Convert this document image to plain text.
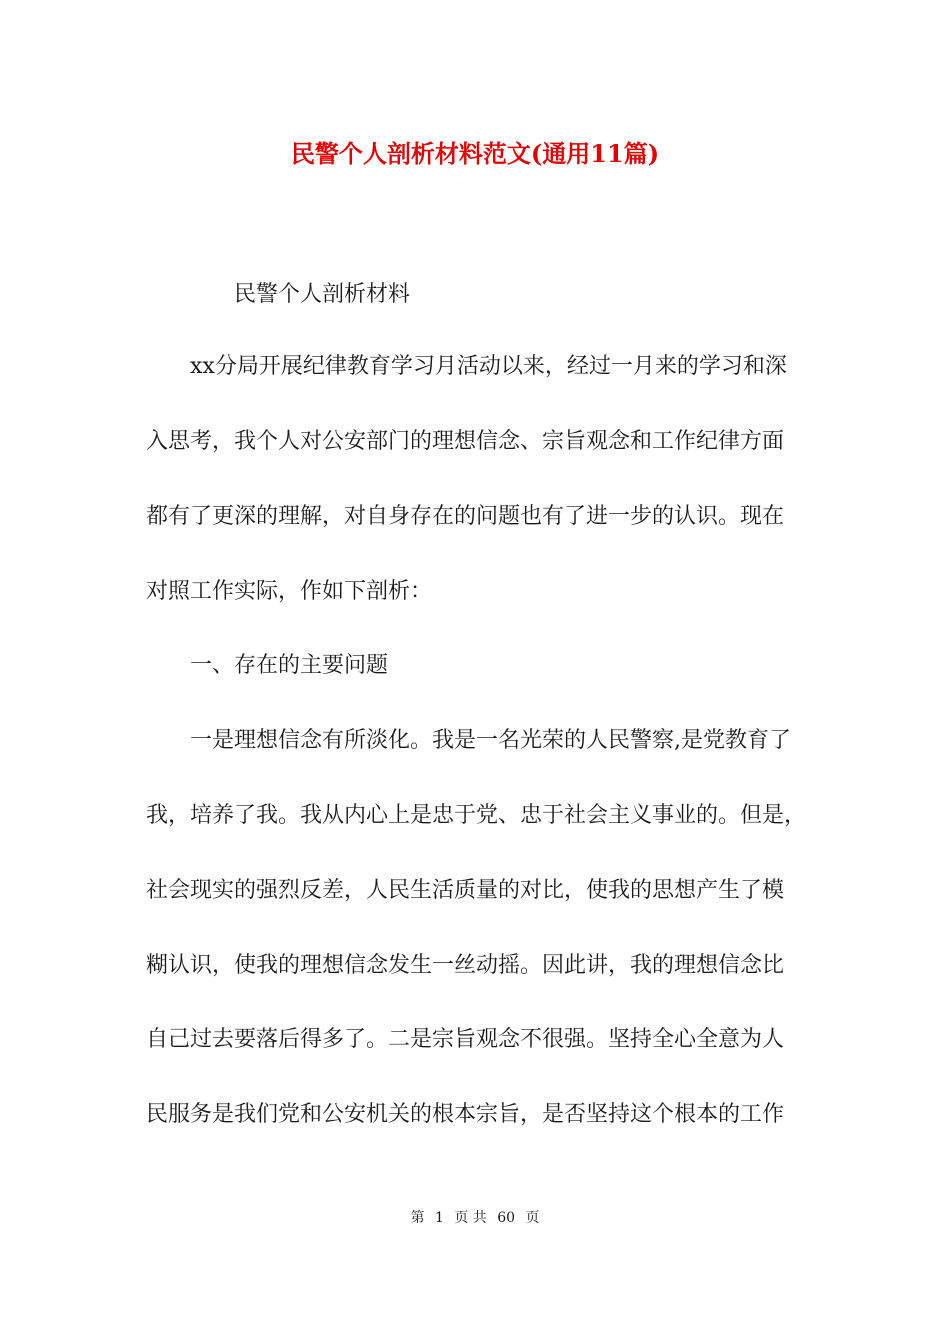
民警个人剖析材料范文(通用11篇)
民警个人剖析材料
xx分局开展纪律教育学习月活动以来，经过一月来的学习和深
入思考，我个人对公安部门的理想信念、宗旨观念和工作纪律方面
都有了更深的理解，对自身存在的问题也有了进一步的认识。现在
对照工作实际，作如下剖析：
一、存在的主要问题
一是理想信念有所淡化。我是一名光荣的人民警察,是党教育了
我，培养了我。我从内心上是忠于党、忠于社会主义事业的。但是，
社会现实的强烈反差，人民生活质量的对比，使我的思想产生了模
糊认识，使我的理想信念发生一丝动摇。因此讲，我的理想信念比
自己过去要落后得多了。二是宗旨观念不很强。坚持全心全意为人
民服务是我们党和公安机关的根本宗旨，是否坚持这个根本的工作
第 1 页 共 60 页
